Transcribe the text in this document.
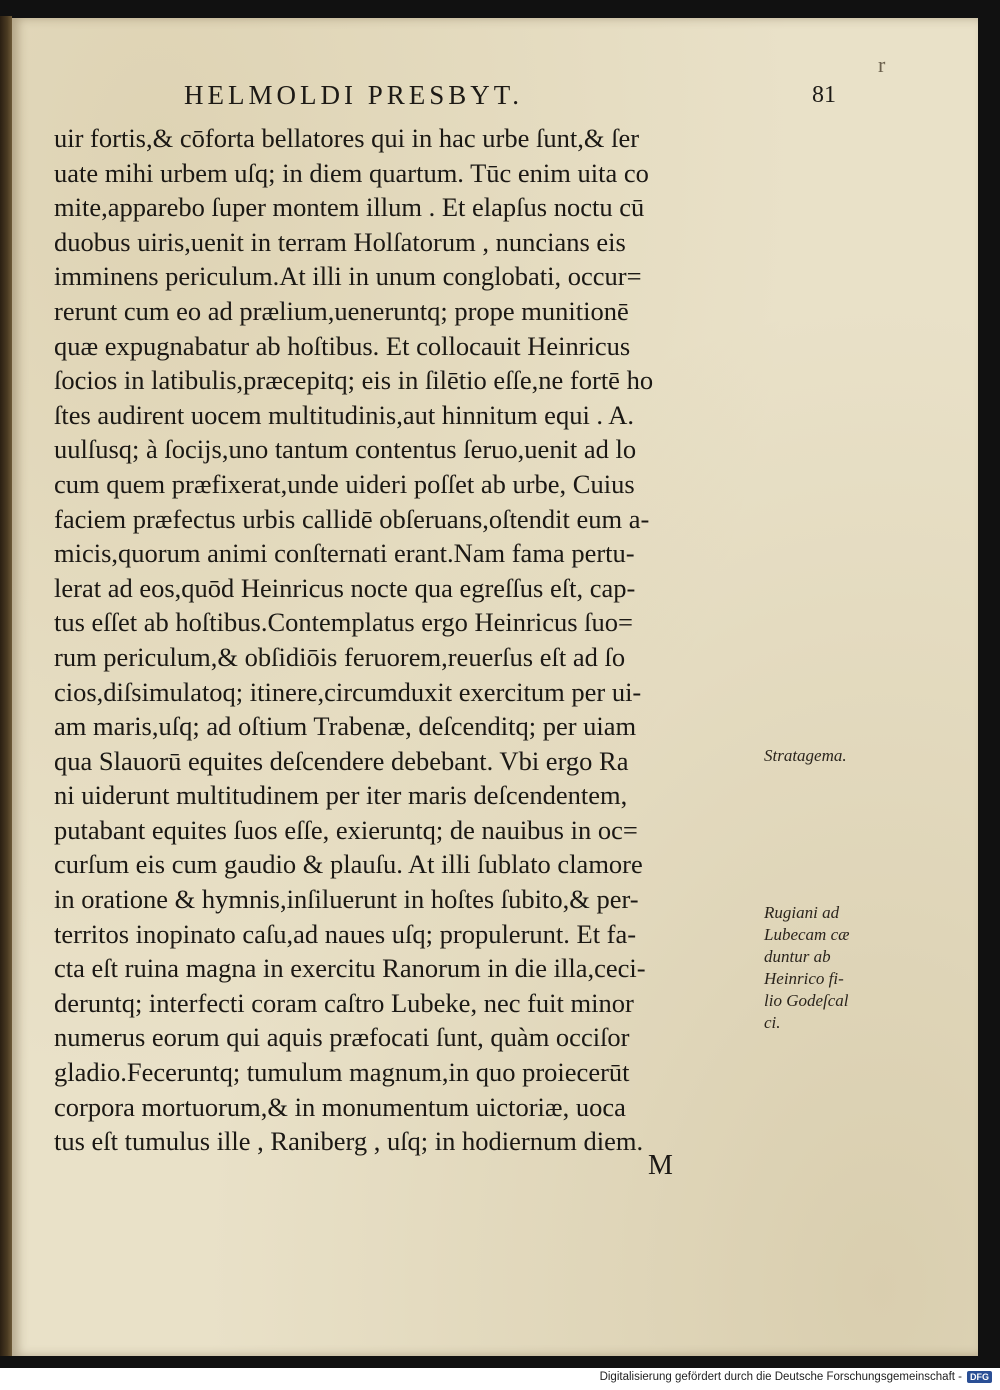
r
HELMOLDI PRESBYT.	81
uir fortis,& cōforta bellatores qui in hac urbe ſunt,& ſer
uate mihi urbem uſq; in diem quartum. Tūc enim uita co
mite,apparebo ſuper montem illum . Et elapſus noctu cū
duobus uiris,uenit in terram Holſatorum , nuncians eis
imminens periculum.At illi in unum conglobati, occur=
rerunt cum eo ad prælium,ueneruntq; prope munitionē
quæ expugnabatur ab hoſtibus. Et collocauit Heinricus
ſocios in latibulis,præcepitq; eis in ſilētio eſſe,ne fortē ho
ſtes audirent uocem multitudinis,aut hinnitum equi . A.
uulſusq; à ſocijs,uno tantum contentus ſeruo,uenit ad lo
cum quem præfixerat,unde uideri poſſet ab urbe, Cuius
faciem præfectus urbis callidē obſeruans,oſtendit eum a-
micis,quorum animi conſternati erant.Nam fama pertu-
lerat ad eos,quōd Heinricus nocte qua egreſſus eſt, cap-
tus eſſet ab hoſtibus.Contemplatus ergo Heinricus ſuo=
rum periculum,& obſidiōis feruorem,reuerſus eſt ad ſo
cios,diſsimulatoq; itinere,circumduxit exercitum per ui-
am maris,uſq; ad oſtium Trabenæ, deſcenditq; per uiam
qua Slauorū equites deſcendere debebant. Vbi ergo Ra
ni uiderunt multitudinem per iter maris deſcendentem,
putabant equites ſuos eſſe, exieruntq; de nauibus in oc=
curſum eis cum gaudio & plauſu. At illi ſublato clamore
in oratione & hymnis,inſiluerunt in hoſtes ſubito,& per-
territos inopinato caſu,ad naues uſq; propulerunt. Et fa-
cta eſt ruina magna in exercitu Ranorum in die illa,ceci-
deruntq; interfecti coram caſtro Lubeke, nec fuit minor
numerus eorum qui aquis præfocati ſunt, quàm occiſor
gladio.Feceruntq; tumulum magnum,in quo proiecerūt
corpora mortuorum,& in monumentum uictoriæ, uoca
tus eſt tumulus ille , Raniberg , uſq; in hodiernum diem.
M
Stratagema.
Rugiani ad
Lubecam cæ
duntur ab
Heinrico fi-
lio Godeſcal
ci.
Digitalisierung gefördert durch die Deutsche Forschungsgemeinschaft - DFG
